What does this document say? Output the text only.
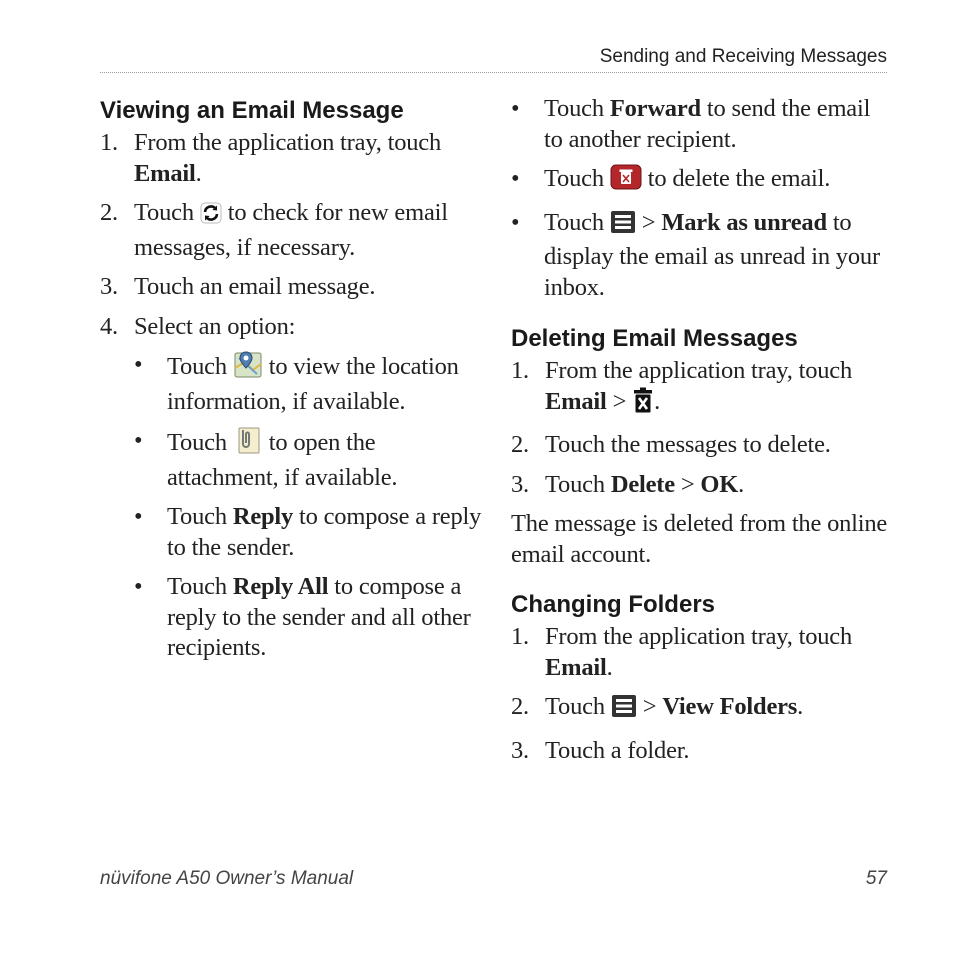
Sending and Receiving Messages
Viewing an Email Message
1. From the application tray, touch
Email.
2. Touch to check for new email messages, if necessary.
3. Touch an email message.
4. Select an option:
• Touch to view the location information, if available.
• Touch to open the attachment, if available.
• Touch Reply to compose a reply to the sender.
• Touch Reply All to compose a reply to the sender and all other recipients.
• Touch Forward to send the email to another recipient.
• Touch to delete the email.
• Touch > Mark as unread to display the email as unread in your inbox.
Deleting Email Messages
1. From the application tray, touch
Email > .
2. Touch the messages to delete.
3. Touch Delete > OK.

The message is deleted from the online email account.

Changing Folders
1. From the application tray, touch
Email.
2. Touch > View Folders.
3. Touch a folder.
nüvifone A50 Owner’s Manual	57
